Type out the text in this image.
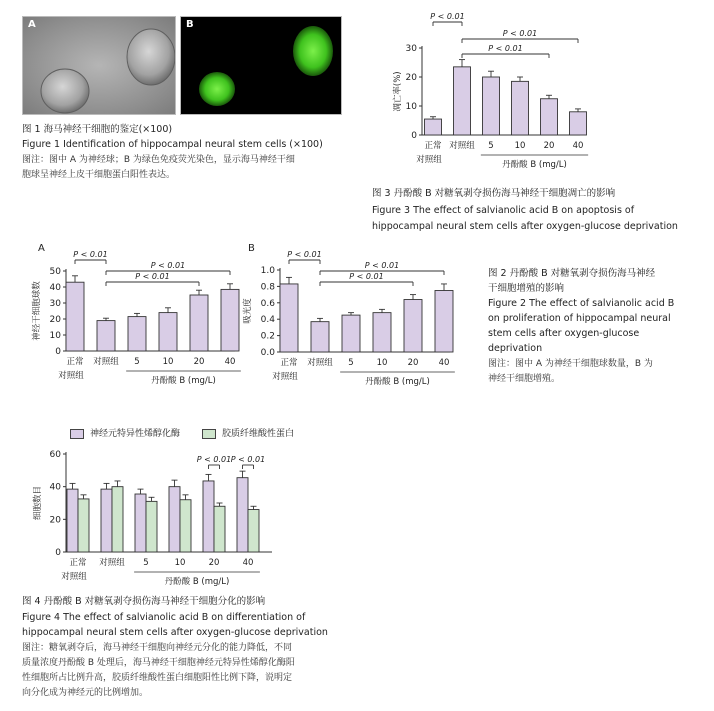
A	B
图 1 海马神经干细胞的鉴定(×100)
Figure 1 Identification of hippocampal neural stem cells (×100)
图注：图中 A 为神经球；B 为绿色免疫荧光染色，显示海马神经干细
胞球呈神经上皮干细胞蛋白阳性表达。
0
10
20
30
凋亡率(%)
正常
对照组
对照组 5 10 20 40
丹酚酸 B (mg/L)
P < 0.01
P < 0.01
P < 0.01
图 3 丹酚酸 B 对糖氧剥夺损伤海马神经干细胞凋亡的影响
Figure 3 The effect of salvianolic acid B on apoptosis of
hippocampal neural stem cells after oxygen-glucose deprivation
A
0
10
20
30
40
50
神经干细胞球数
正常
对照组
对照组 5	10 20 40
丹酚酸 B (mg/L)
P < 0.01
P < 0.01
P < 0.01
B
0.0
0.2
0.4
0.6
0.8
1.0
吸光度
正常
对照组
对照组 5	10 20 40
丹酚酸 B (mg/L)
P < 0.01
P < 0.01
P < 0.01	图 2 丹酚酸 B 对糖氧剥夺损伤海马神经
干细胞增殖的影响
Figure 2 The effect of salvianolic acid B
on proliferation of hippocampal neural
stem cells after oxygen-glucose
deprivation
图注：图中 A 为神经干细胞球数量，B 为
神经干细胞增殖。
神经元特异性烯醇化酶	胶质纤维酸性蛋白
0
20
40
60
细胞数目
正常
对照组
对照组 5	10	20	40
丹酚酸 B (mg/L)
P < 0.01 P < 0.01
图 4 丹酚酸 B 对糖氧剥夺损伤海马神经干细胞分化的影响
Figure 4 The effect of salvianolic acid B on differentiation of
hippocampal neural stem cells after oxygen-glucose deprivation
图注：糖氧剥夺后，海马神经干细胞向神经元分化的能力降低，不同
质量浓度丹酚酸 B 处理后，海马神经干细胞神经元特异性烯醇化酶阳
性细胞所占比例升高，胶质纤维酸性蛋白细胞阳性比例下降，说明定
向分化成为神经元的比例增加。
